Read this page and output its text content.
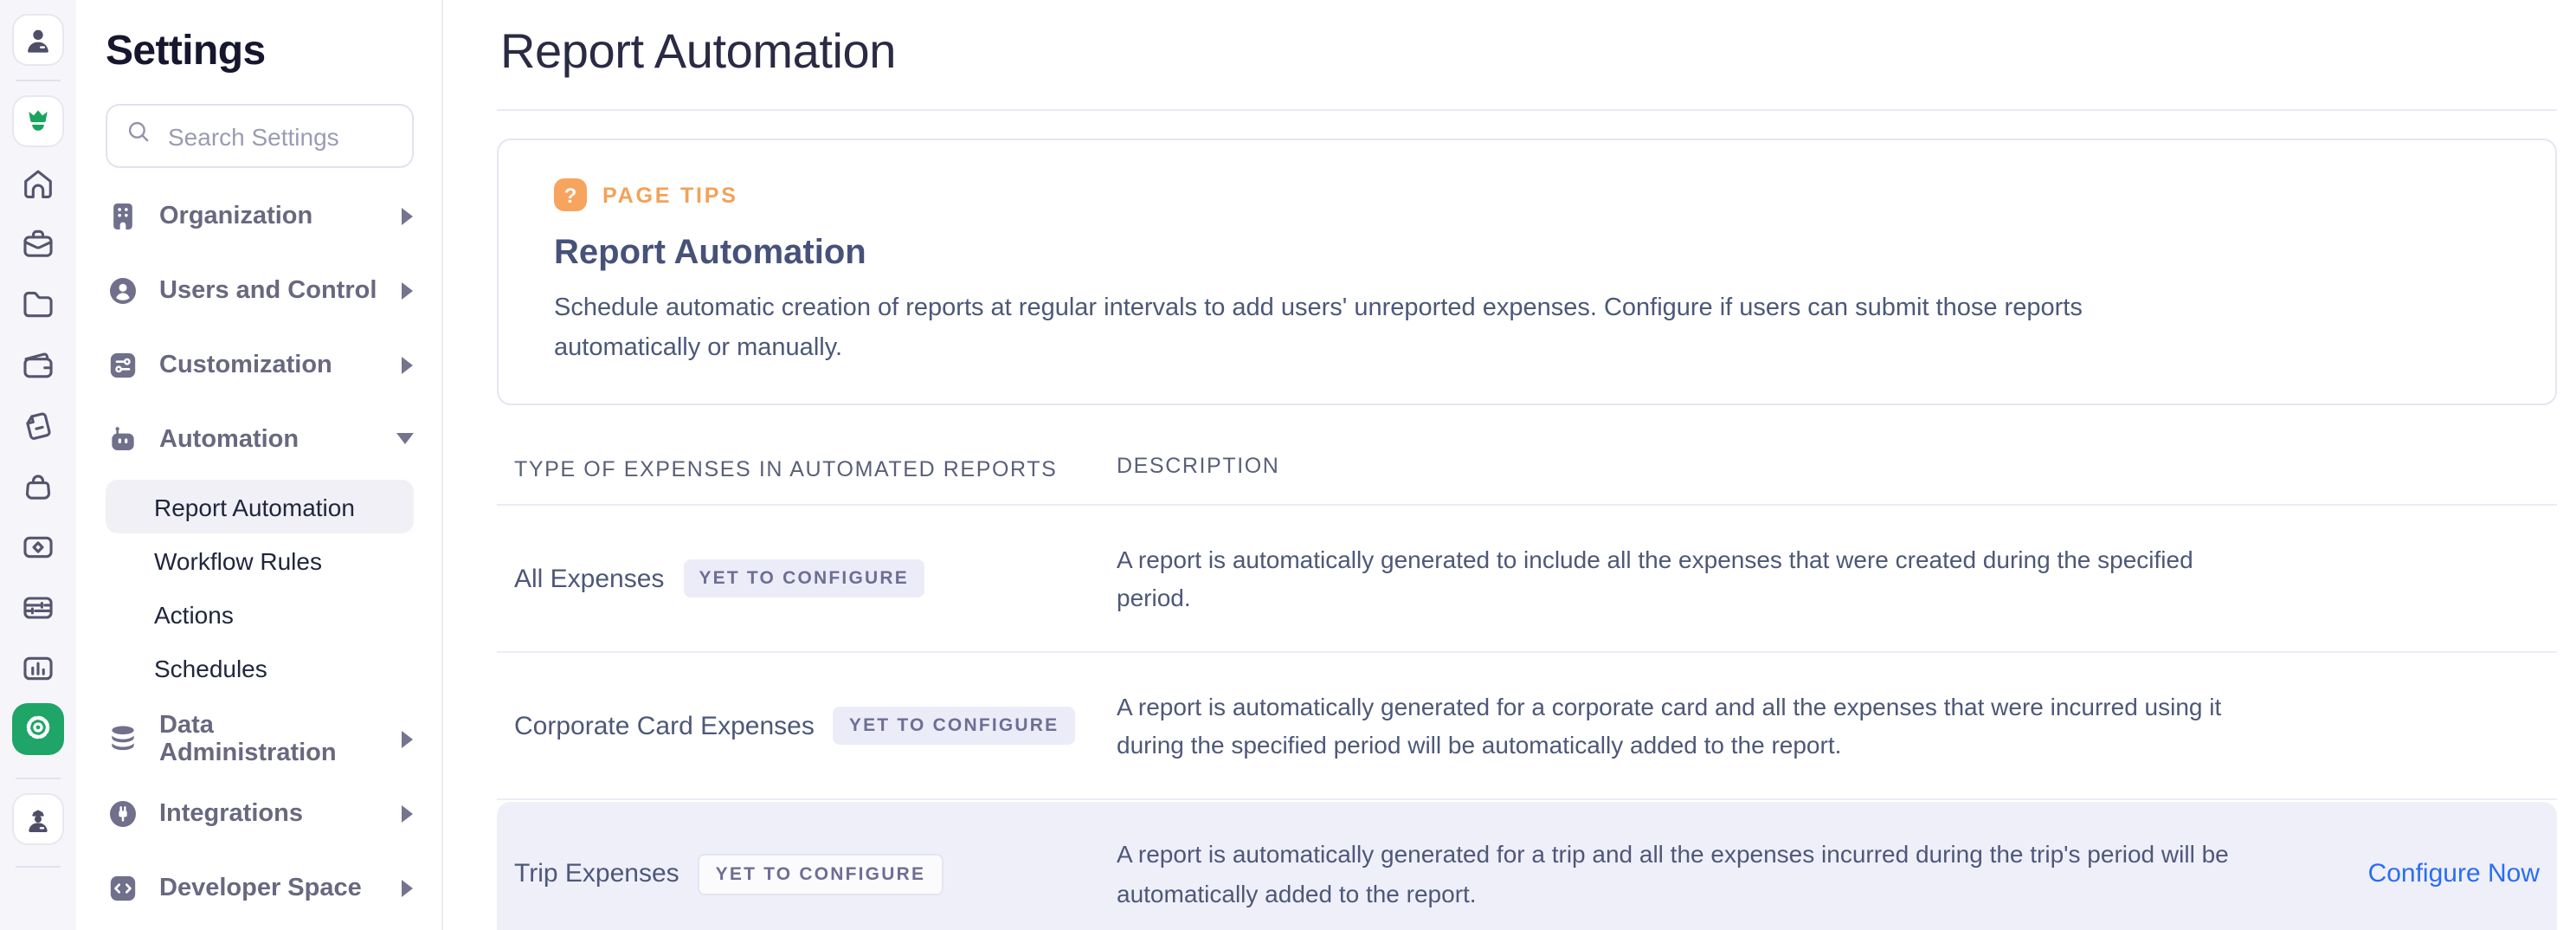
Settings
Search Settings
Organization
Users and Control
Customization
Automation
Report Automation
Workflow Rules
Actions
Schedules
Data Administration
Integrations
Developer Space
Report Automation
?	PAGE TIPS
Report Automation

Schedule automatic creation of reports at regular intervals to add users' unreported expenses. Configure if users can submit those reports automatically or manually.

TYPE OF EXPENSES IN AUTOMATED REPORTS	DESCRIPTION
All Expenses	YET TO CONFIGURE
A report is automatically generated to include all the expenses that were created during the specified period.
Corporate Card Expenses	YET TO CONFIGURE
A report is automatically generated for a corporate card and all the expenses that were incurred using it during the specified period will be automatically added to the report.
Trip Expenses	YET TO CONFIGURE
A report is automatically generated for a trip and all the expenses incurred during the trip's period will be automatically added to the report.
Configure Now
